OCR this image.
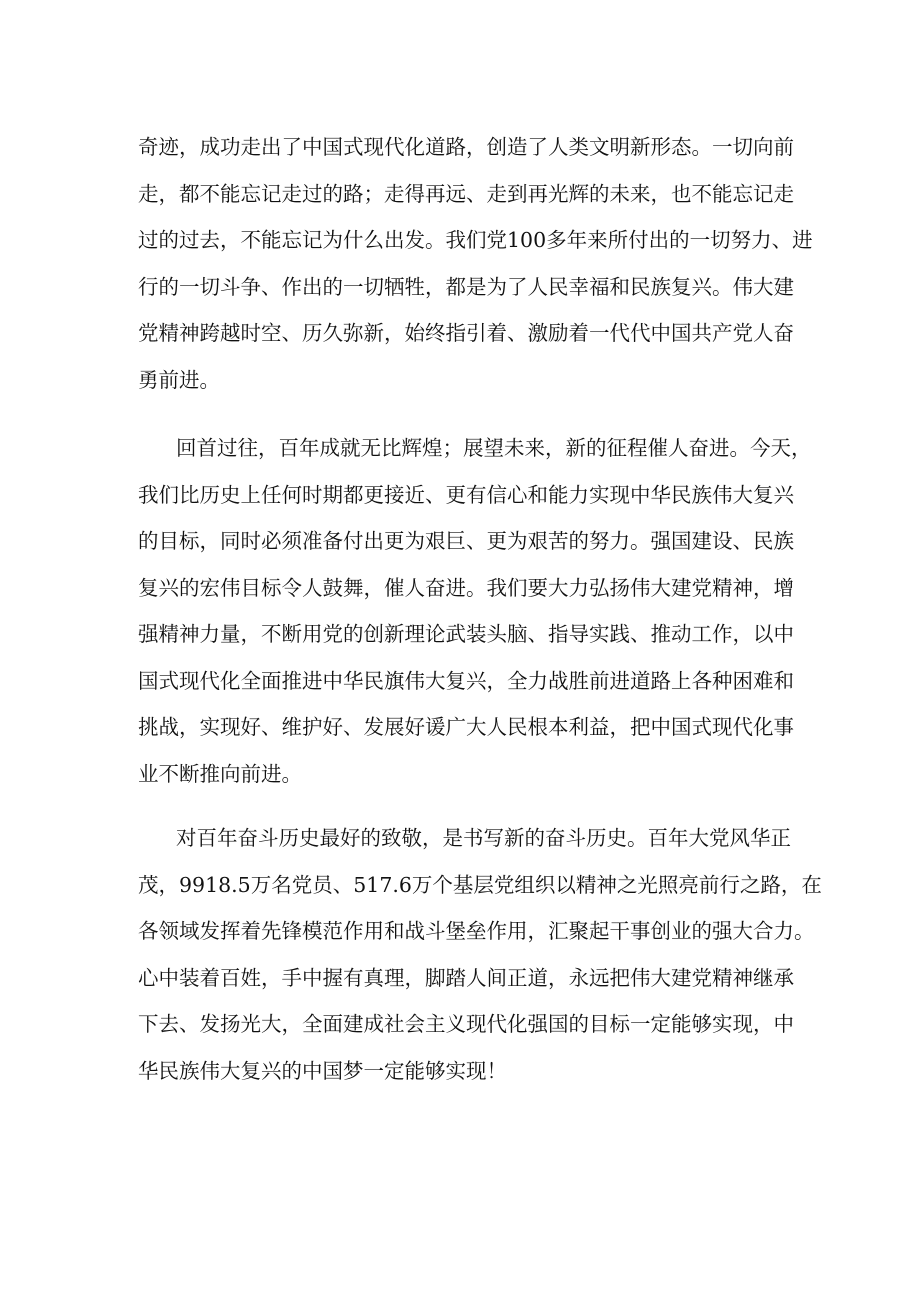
奇迹，成功走出了中国式现代化道路，创造了人类文明新形态。一切向前
走，都不能忘记走过的路；走得再远、走到再光辉的未来，也不能忘记走
过的过去，不能忘记为什么出发。我们党100多年来所付出的一切努力、进
行的一切斗争、作出的一切牺牲，都是为了人民幸福和民族复兴。伟大建
党精神跨越时空、历久弥新，始终指引着、激励着一代代中国共产党人奋
勇前进。
回首过往，百年成就无比辉煌；展望未来，新的征程催人奋进。今天，
我们比历史上任何时期都更接近、更有信心和能力实现中华民族伟大复兴
的目标，同时必须准备付出更为艰巨、更为艰苦的努力。强国建设、民族
复兴的宏伟目标令人鼓舞，催人奋进。我们要大力弘扬伟大建党精神，增
强精神力量，不断用党的创新理论武装头脑、指导实践、推动工作，以中
国式现代化全面推进中华民旗伟大复兴，全力战胜前进道路上各种困难和
挑战，实现好、维护好、发展好谖广大人民根本利益，把中国式现代化事
业不断推向前进。
对百年奋斗历史最好的致敬，是书写新的奋斗历史。百年大党风华正
茂，9918.5万名党员、517.6万个基层党组织以精神之光照亮前行之路，在
各领域发挥着先锋模范作用和战斗堡垒作用，汇聚起干事创业的强大合力。
心中装着百姓，手中握有真理，脚踏人间正道，永远把伟大建党精神继承
下去、发扬光大，全面建成社会主义现代化强国的目标一定能够实现，中
华民族伟大复兴的中国梦一定能够实现！
